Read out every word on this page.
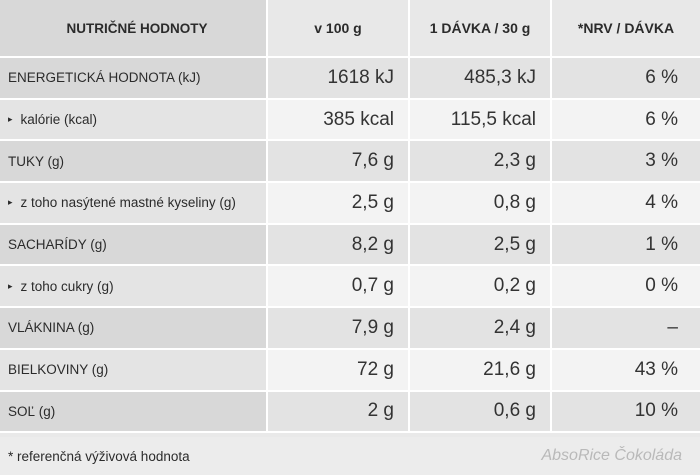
NUTRIČNÉ HODNOTY	v 100 g	1 DÁVKA / 30 g	*NRV / DÁVKA
ENERGETICKÁ HODNOTA (kJ)	1618 kJ	485,3 kJ	6 %
▸ kalórie (kcal)	385 kcal	115,5 kcal	6 %
TUKY (g)	7,6 g	2,3 g	3 %
▸ z toho nasýtené mastné kyseliny (g)	2,5 g	0,8 g	4 %
SACHARÍDY (g)	8,2 g	2,5 g	1 %
▸ z toho cukry (g)	0,7 g	0,2 g	0 %
VLÁKNINA (g)	7,9 g	2,4 g	–
BIELKOVINY (g)	72 g	21,6 g	43 %
SOĽ (g)	2 g	0,6 g	10 %
* referenčná výživová hodnota	AbsoRice Čokoláda
